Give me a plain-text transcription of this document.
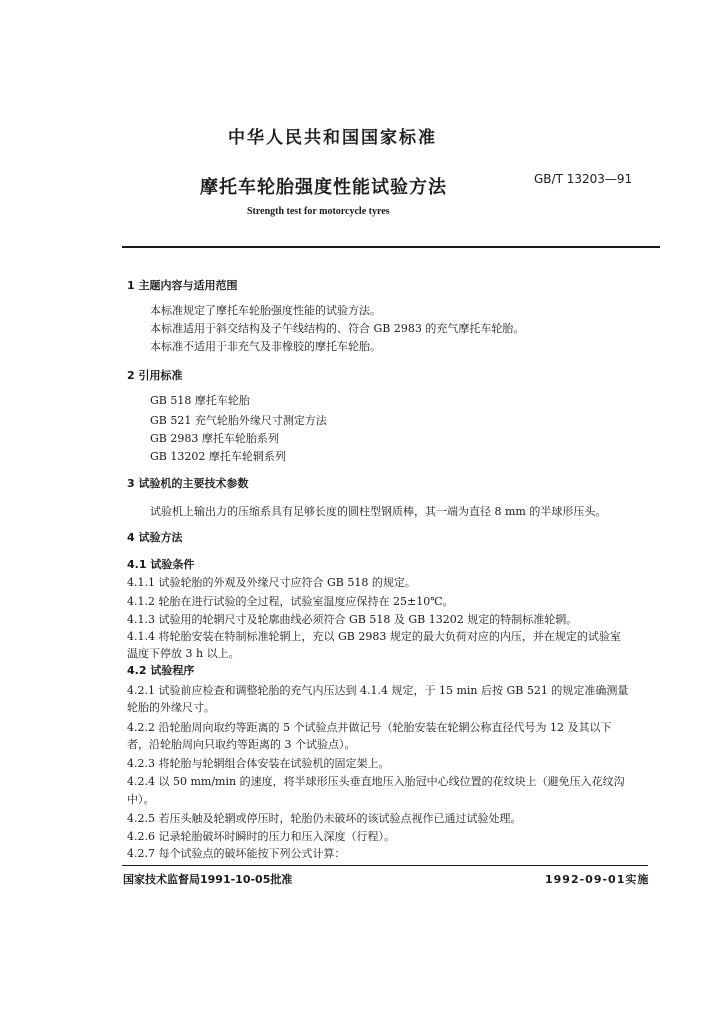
中华人民共和国国家标准
摩托车轮胎强度性能试验方法	GB/T 13203—91
Strength test for motorcycle tyres
1 主题内容与适用范围
本标准规定了摩托车轮胎强度性能的试验方法。
本标准适用于斜交结构及子午线结构的、符合 GB 2983 的充气摩托车轮胎。
本标准不适用于非充气及非橡胶的摩托车轮胎。
2 引用标准
GB 518 摩托车轮胎
GB 521 充气轮胎外缘尺寸测定方法
GB 2983 摩托车轮胎系列
GB 13202 摩托车轮辋系列
3 试验机的主要技术参数
试验机上输出力的压缩系具有足够长度的圆柱型钢质棒，其一端为直径 8 mm 的半球形压头。
4 试验方法
4.1 试验条件
4.1.1 试验轮胎的外观及外缘尺寸应符合 GB 518 的规定。
4.1.2 轮胎在进行试验的全过程，试验室温度应保持在 25±10℃。
4.1.3 试验用的轮辋尺寸及轮廓曲线必须符合 GB 518 及 GB 13202 规定的特制标准轮辋。
4.1.4 将轮胎安装在特制标准轮辋上，充以 GB 2983 规定的最大负荷对应的内压，并在规定的试验室
温度下停放 3 h 以上。
4.2 试验程序
4.2.1 试验前应检查和调整轮胎的充气内压达到 4.1.4 规定，于 15 min 后按 GB 521 的规定准确测量
轮胎的外缘尺寸。
4.2.2 沿轮胎周向取约等距离的 5 个试验点并做记号（轮胎安装在轮辋公称直径代号为 12 及其以下
者，沿轮胎周向只取约等距离的 3 个试验点）。
4.2.3 将轮胎与轮辋组合体安装在试验机的固定架上。
4.2.4 以 50 mm/min 的速度，将半球形压头垂直地压入胎冠中心线位置的花纹块上（避免压入花纹沟
中）。
4.2.5 若压头触及轮辋或停压时，轮胎仍未破坏的该试验点视作已通过试验处理。
4.2.6 记录轮胎破坏时瞬时的压力和压入深度（行程）。
4.2.7 每个试验点的破坏能按下列公式计算：
国家技术监督局1991-10-05批准	1992-09-01实施
